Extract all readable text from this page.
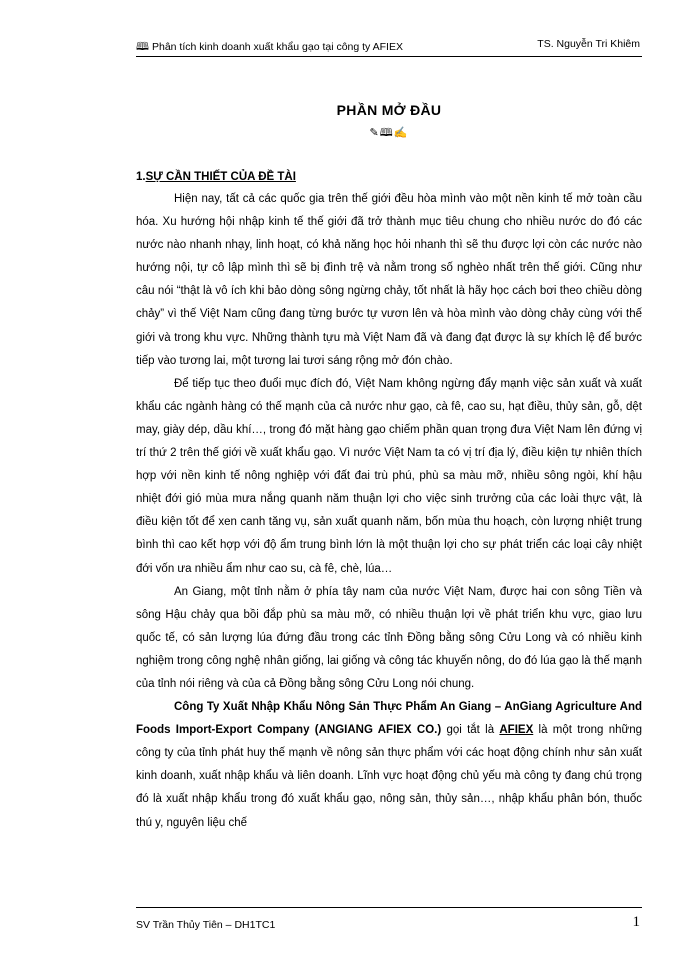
🕮 Phân tích kinh doanh xuất khẩu gạo tại công ty AFIEX	TS. Nguyễn Tri Khiêm
PHẦN MỞ ĐẦU
✎🕮✍
1.SỰ CẦN THIẾT CỦA ĐỀ TÀI

Hiện nay, tất cả các quốc gia trên thế giới đều hòa mình vào một nền kinh tế mở toàn cầu hóa. Xu hướng hội nhập kinh tế thế giới đã trở thành mục tiêu chung cho nhiều nước do đó các nước nào nhanh nhạy, linh hoạt, có khả năng học hỏi nhanh thì sẽ thu được lợi còn các nước nào hướng nội, tự cô lập mình thì sẽ bị đình trệ và nằm trong số nghèo nhất trên thế giới. Cũng như câu nói “thật là vô ích khi bảo dòng sông ngừng chảy, tốt nhất là hãy học cách bơi theo chiều dòng chảy” vì thế Việt Nam cũng đang từng bước tự vươn lên và hòa mình vào dòng chảy cùng với thế giới và trong khu vực. Những thành tựu mà Việt Nam đã và đang đạt được là sự khích lệ để bước tiếp vào tương lai, một tương lai tươi sáng rộng mở đón chào.

Để tiếp tục theo đuổi mục đích đó, Việt Nam không ngừng đẩy mạnh việc sản xuất và xuất khẩu các ngành hàng có thế mạnh của cả nước như gạo, cà fê, cao su, hạt điều, thủy sản, gỗ, dệt may, giày dép, dầu khí…, trong đó mặt hàng gạo chiếm phần quan trọng đưa Việt Nam lên đứng vị trí thứ 2 trên thế giới về xuất khẩu gạo. Vì nước Việt Nam ta có vị trí địa lý, điều kiện tự nhiên thích hợp với nền kinh tế nông nghiệp với đất đai trù phú, phù sa màu mỡ, nhiều sông ngòi, khí hậu nhiệt đới gió mùa mưa nắng quanh năm thuận lợi cho việc sinh trưởng của các loài thực vật, là điều kiện tốt để xen canh tăng vụ, sản xuất quanh năm, bốn mùa thu hoạch, còn lượng nhiệt trung bình thì cao kết hợp với độ ẩm trung bình lớn là một thuận lợi cho sự phát triển các loại cây nhiệt đới vốn ưa nhiều ẩm như cao su, cà fê, chè, lúa…

An Giang, một tỉnh nằm ở phía tây nam của nước Việt Nam, được hai con sông Tiền và sông Hậu chảy qua bồi đắp phù sa màu mỡ, có nhiều thuận lợi về phát triển khu vực, giao lưu quốc tế, có sản lượng lúa đứng đầu trong các tỉnh Đồng bằng sông Cửu Long và có nhiều kinh nghiệm trong công nghệ nhân giống, lai giống và công tác khuyến nông, do đó lúa gạo là thế mạnh của tỉnh nói riêng và của cả Đồng bằng sông Cửu Long nói chung.

Công Ty Xuất Nhập Khẩu Nông Sản Thực Phẩm An Giang – AnGiang Agriculture And Foods Import-Export Company (ANGIANG AFIEX CO.) gọi tắt là AFIEX là một trong những công ty của tỉnh phát huy thế mạnh về nông sản thực phẩm với các hoạt động chính như sản xuất kinh doanh, xuất nhập khẩu và liên doanh. Lĩnh vực hoạt động chủ yếu mà công ty đang chú trọng đó là xuất nhập khẩu trong đó xuất khẩu gạo, nông sản, thủy sản…, nhập khẩu phân bón, thuốc thú y, nguyên liệu chế

SV Trần Thủy Tiên – DH1TC1	1
